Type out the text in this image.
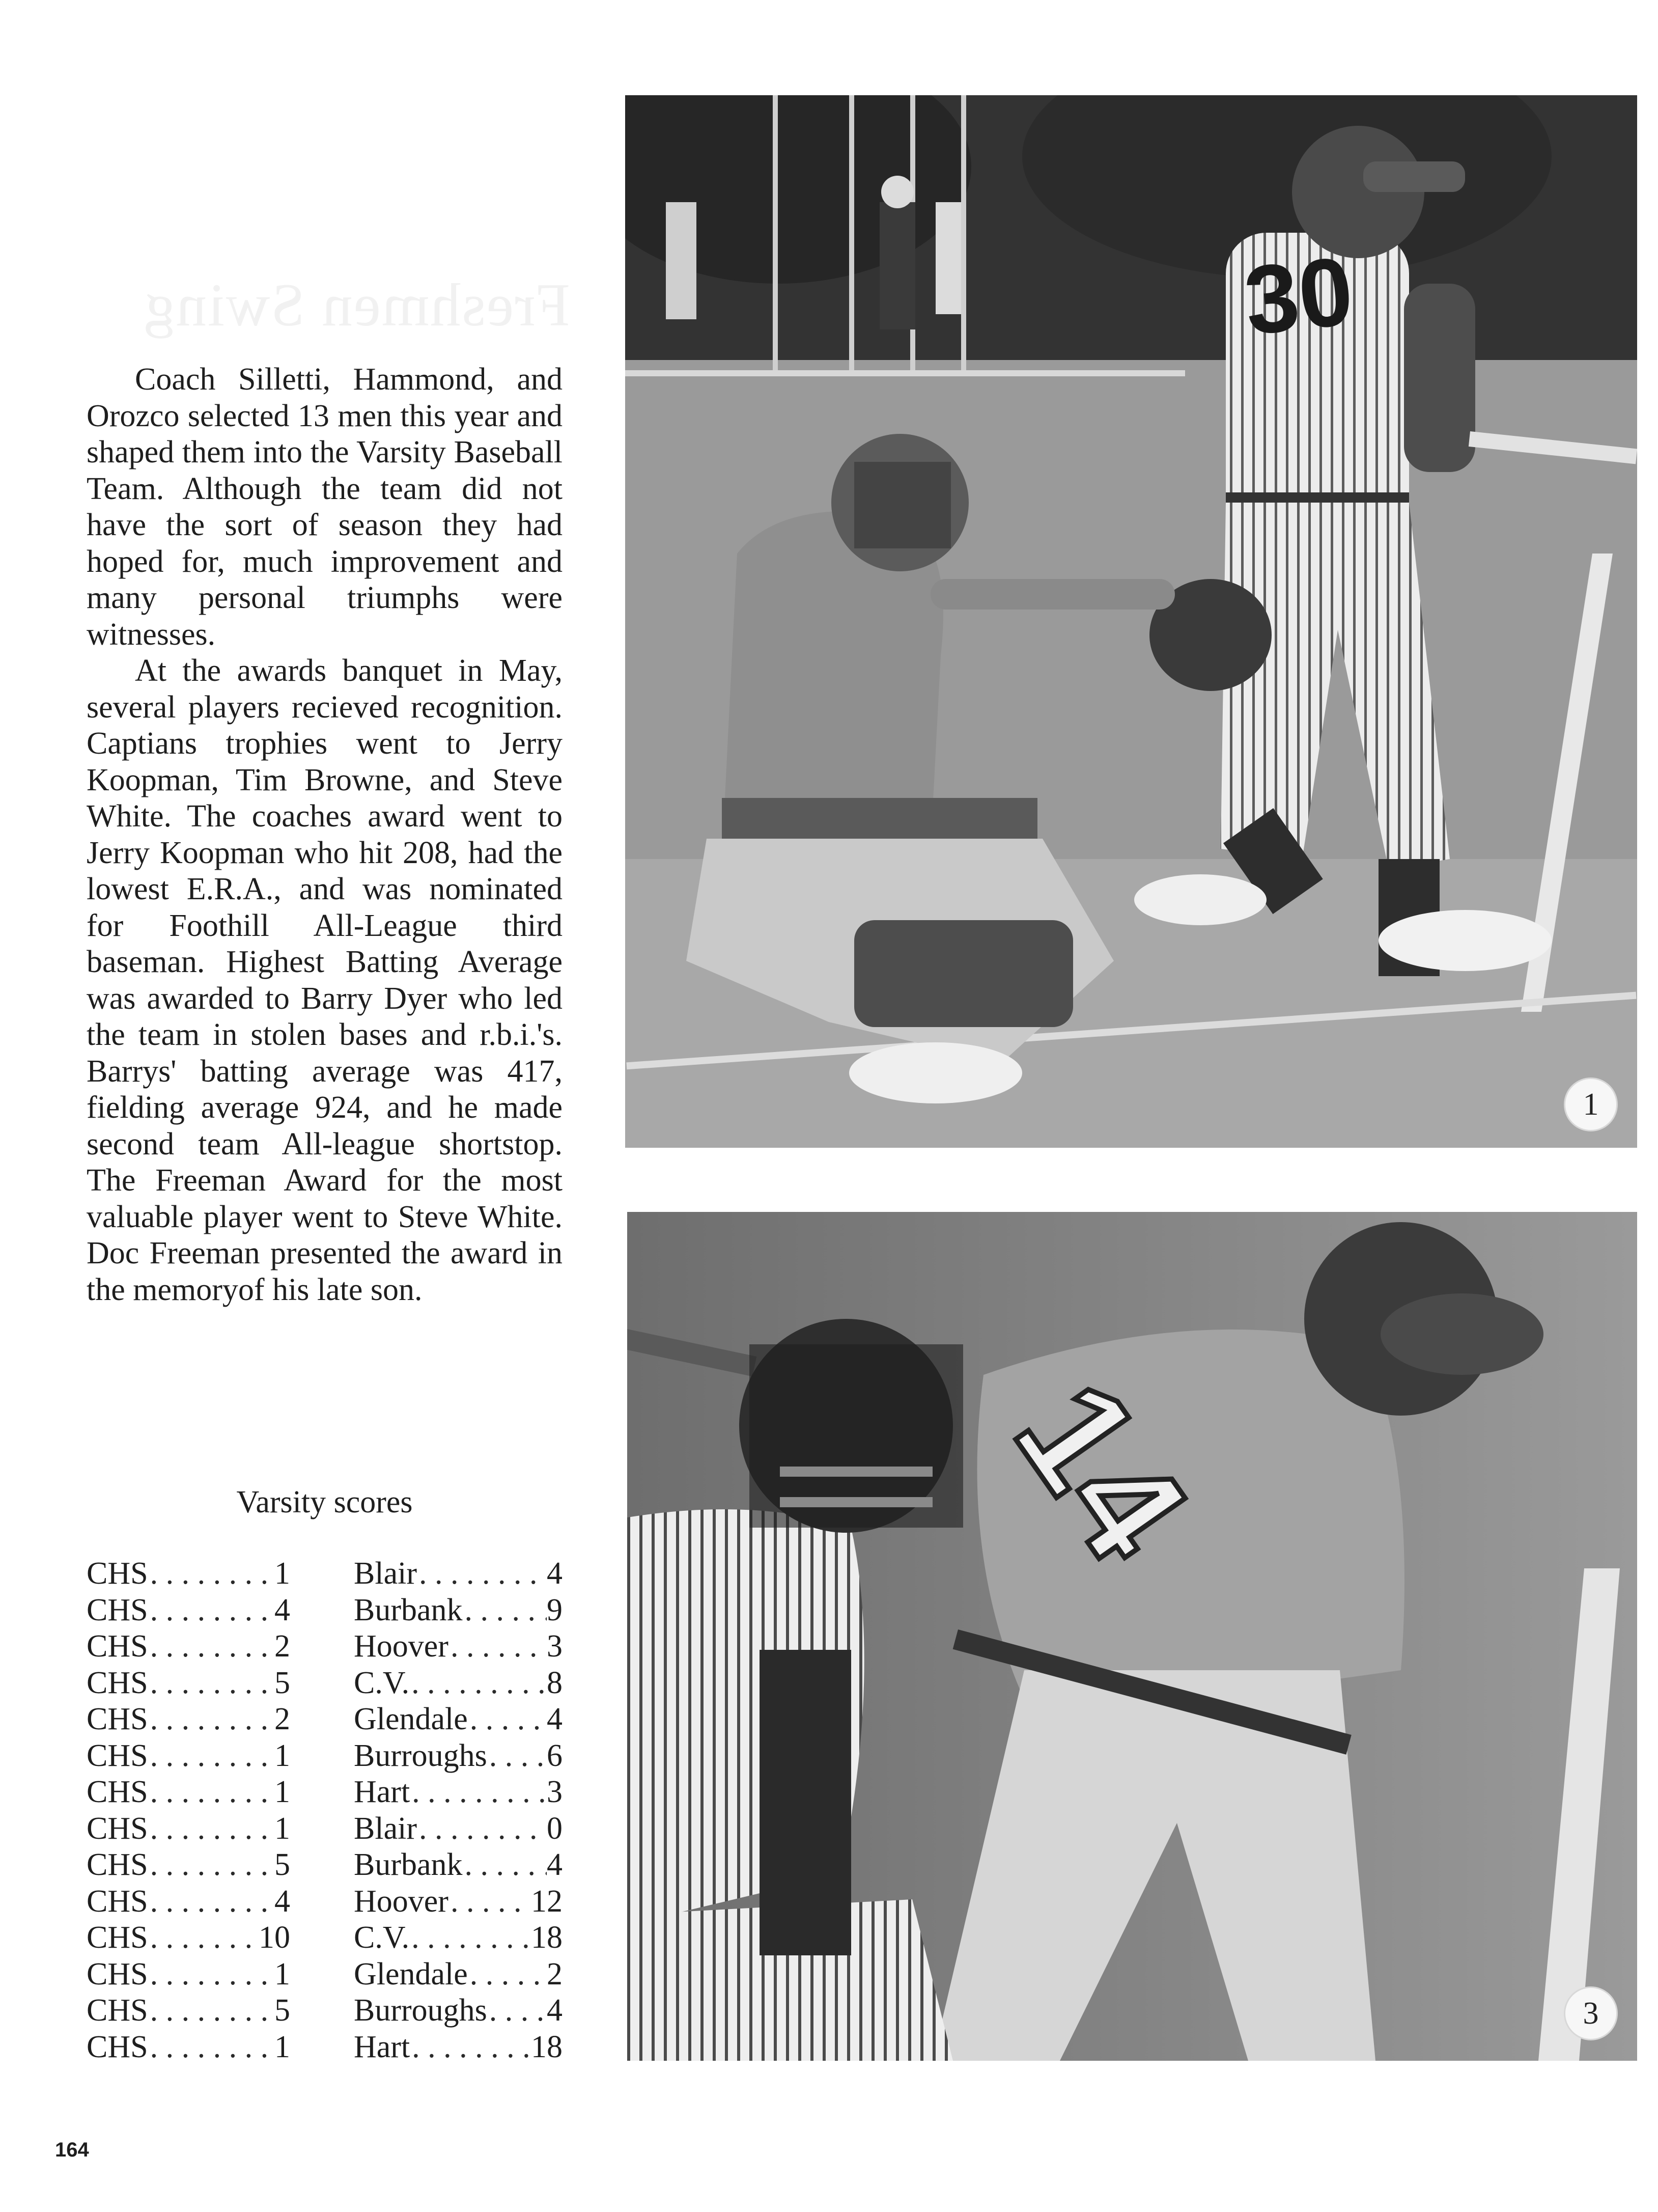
Freshmen Swing

Coach Silletti, Hammond, and Orozco selected 13 men this year and shaped them into the Varsity Baseball Team. Although the team did not have the sort of season they had hoped for, much improvement and many personal triumphs were witnesses.

At the awards banquet in May, several players recieved recognition. Captians trophies went to Jerry Koopman, Tim Browne, and Steve White. The coaches award went to Jerry Koopman who hit 208, had the lowest E.R.A., and was nominated for Foothill All-League third baseman. Highest Batting Average was awarded to Barry Dyer who led the team in stolen bases and r.b.i.'s. Barrys' batting average was 417, fielding average 924, and he made second team All-league shortstop. The Freeman Award for the most valuable player went to Steve White. Doc Freeman presented the award in the memoryof his late son.

Varsity scores
CHS . . .	1 Blair . . .	4
CHS . . .	4 Burbank . . .	9
CHS . . .	2 Hoover . . .	3
CHS . . .	5 C.V. . . .	8
CHS . . .	2 Glendale . . .	4
CHS . . .	1 Burroughs . . . 6
CHS . . .	1 Hart . . .	3
CHS . . .	1 Blair . . .	0
CHS . . .	5 Burbank . . .	4
CHS . . .	4 Hoover . . .	12
CHS . . .	10 C.V. . . .	18
CHS . . .	1 Glendale . . .	2
CHS . . .	5 Burroughs . . . 4
CHS . . .	1 Hart . . .	18
30
1
14
3
164
